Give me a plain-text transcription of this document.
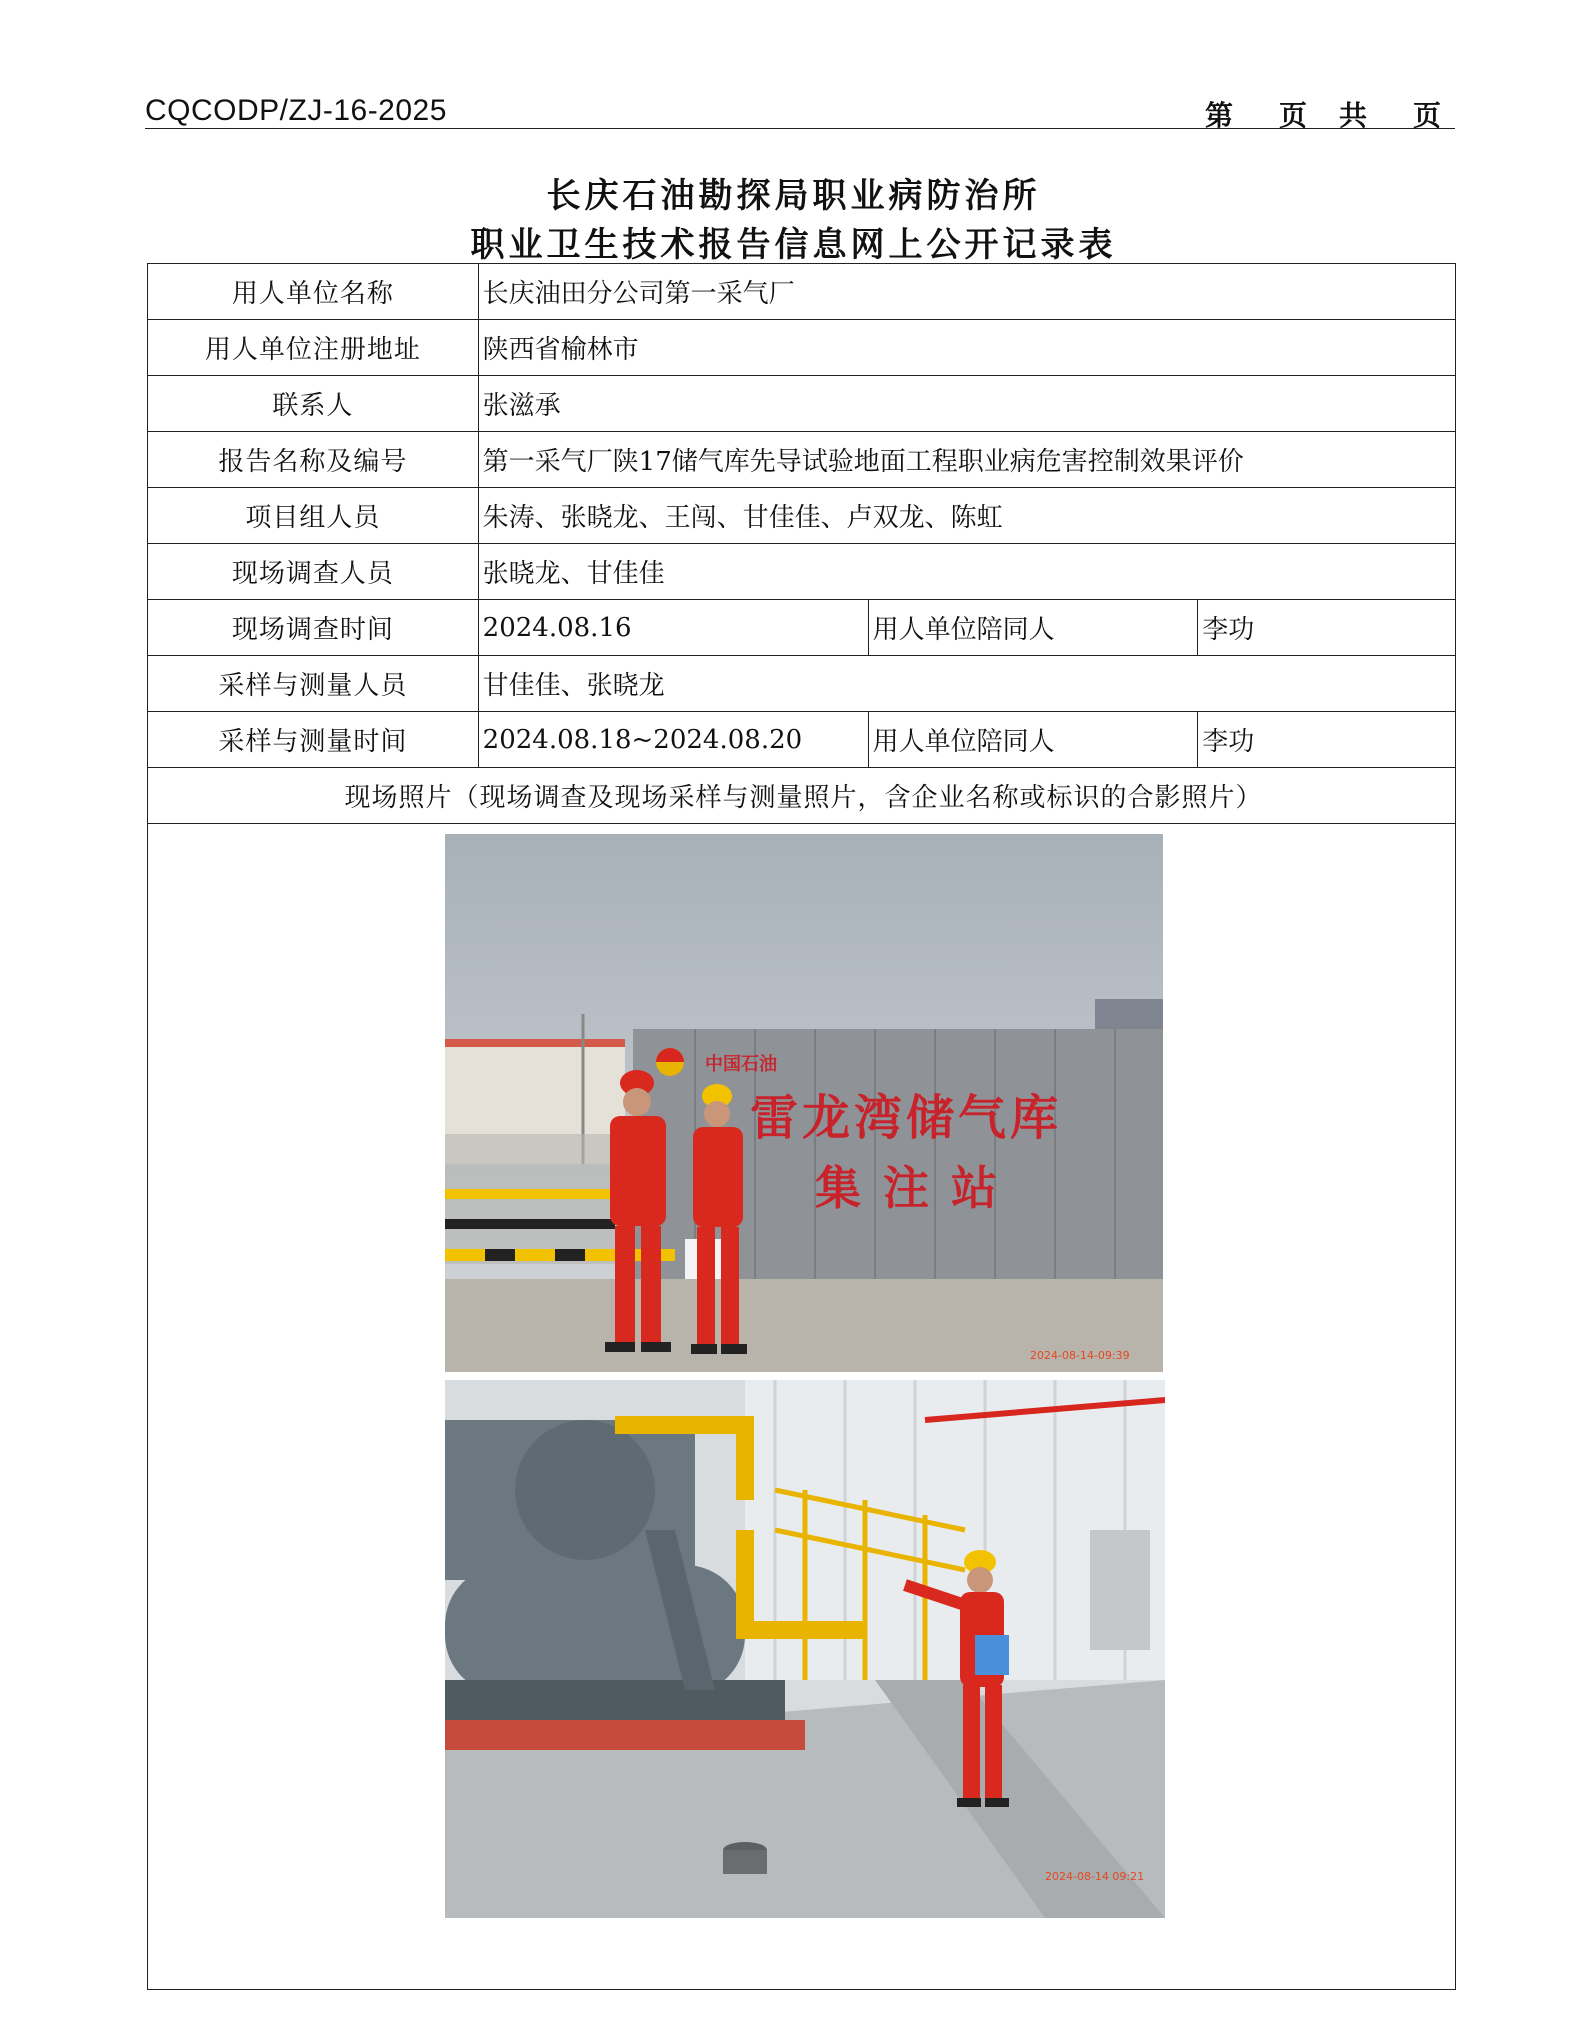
CQCODP/ZJ-16-2025	第 页 共 页
长庆石油勘探局职业病防治所
职业卫生技术报告信息网上公开记录表
用人单位名称	长庆油田分公司第一采气厂		
用人单位注册地址	陕西省榆林市		
联系人	张滋承		
报告名称及编号	第一采气厂陕17储气库先导试验地面工程职业病危害控制效果评价		
项目组人员	朱涛、张晓龙、王闯、甘佳佳、卢双龙、陈虹		
现场调查人员	张晓龙、甘佳佳		
现场调查时间	2024.08.16	用人单位陪同人	李功
采样与测量人员	甘佳佳、张晓龙		
采样与测量时间	2024.08.18~2024.08.20	用人单位陪同人	李功
现场照片（现场调查及现场采样与测量照片，含企业名称或标识的合影照片）			

中国石油
雷龙湾储气库
集注站
2024-08-14-09:39
2024-08-14 09:21			
